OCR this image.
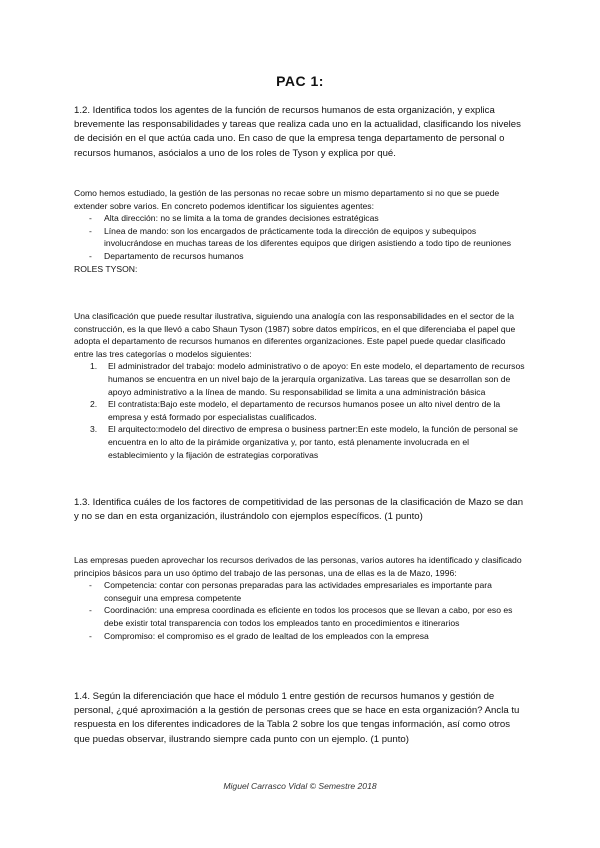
PAC 1:
1.2. Identifica todos los agentes de la función de recursos humanos de esta organización, y explica brevemente las responsabilidades y tareas que realiza cada uno en la actualidad, clasificando los niveles de decisión en el que actúa cada uno. En caso de que la empresa tenga departamento de personal o recursos humanos, asócialos a uno de los roles de Tyson y explica por qué.

Como hemos estudiado, la gestión de las personas no recae sobre un mismo departamento si no que se puede extender sobre varios. En concreto podemos identificar los siguientes agentes:

- Alta dirección: no se limita a la toma de grandes decisiones estratégicas
- Línea de mando: son los encargados de prácticamente toda la dirección de equipos y subequipos involucrándose en muchas tareas de los diferentes equipos que dirigen asistiendo a todo tipo de reuniones
- Departamento de recursos humanos

ROLES TYSON:

Una clasificación que puede resultar ilustrativa, siguiendo una analogía con las responsabilidades en el sector de la construcción, es la que llevó a cabo Shaun Tyson (1987) sobre datos empíricos, en el que diferenciaba el papel que adopta el departamento de recursos humanos en diferentes organizaciones. Este papel puede quedar clasificado entre las tres categorías o modelos siguientes:

1. El administrador del trabajo: modelo administrativo o de apoyo: En este modelo, el departamento de recursos humanos se encuentra en un nivel bajo de la jerarquía organizativa. Las tareas que se desarrollan son de apoyo administrativo a la línea de mando. Su responsabilidad se limita a una administración básica
2. El contratista:Bajo este modelo, el departamento de recursos humanos posee un alto nivel dentro de la empresa y está formado por especialistas cualificados.
3. El arquitecto:modelo del directivo de empresa o business partner:En este modelo, la función de personal se encuentra en lo alto de la pirámide organizativa y, por tanto, está plenamente involucrada en el establecimiento y la fijación de estrategias corporativas
1.3. Identifica cuáles de los factores de competitividad de las personas de la clasificación de Mazo se dan y no se dan en esta organización, ilustrándolo con ejemplos específicos. (1 punto)

Las empresas pueden aprovechar los recursos derivados de las personas, varios autores ha identificado y clasificado principios básicos para un uso óptimo del trabajo de las personas, una de ellas es la de Mazo, 1996:

- Competencia: contar con personas preparadas para las actividades empresariales es importante para conseguir una empresa competente
- Coordinación: una empresa coordinada es eficiente en todos los procesos que se llevan a cabo, por eso es debe existir total transparencia con todos los empleados tanto en procedimientos e itinerarios
- Compromiso: el compromiso es el grado de lealtad de los empleados con la empresa
1.4. Según la diferenciación que hace el módulo 1 entre gestión de recursos humanos y gestión de personal, ¿qué aproximación a la gestión de personas crees que se hace en esta organización? Ancla tu respuesta en los diferentes indicadores de la Tabla 2 sobre los que tengas información, así como otros que puedas observar, ilustrando siempre cada punto con un ejemplo. (1 punto)
Miguel Carrasco Vidal © Semestre 2018
